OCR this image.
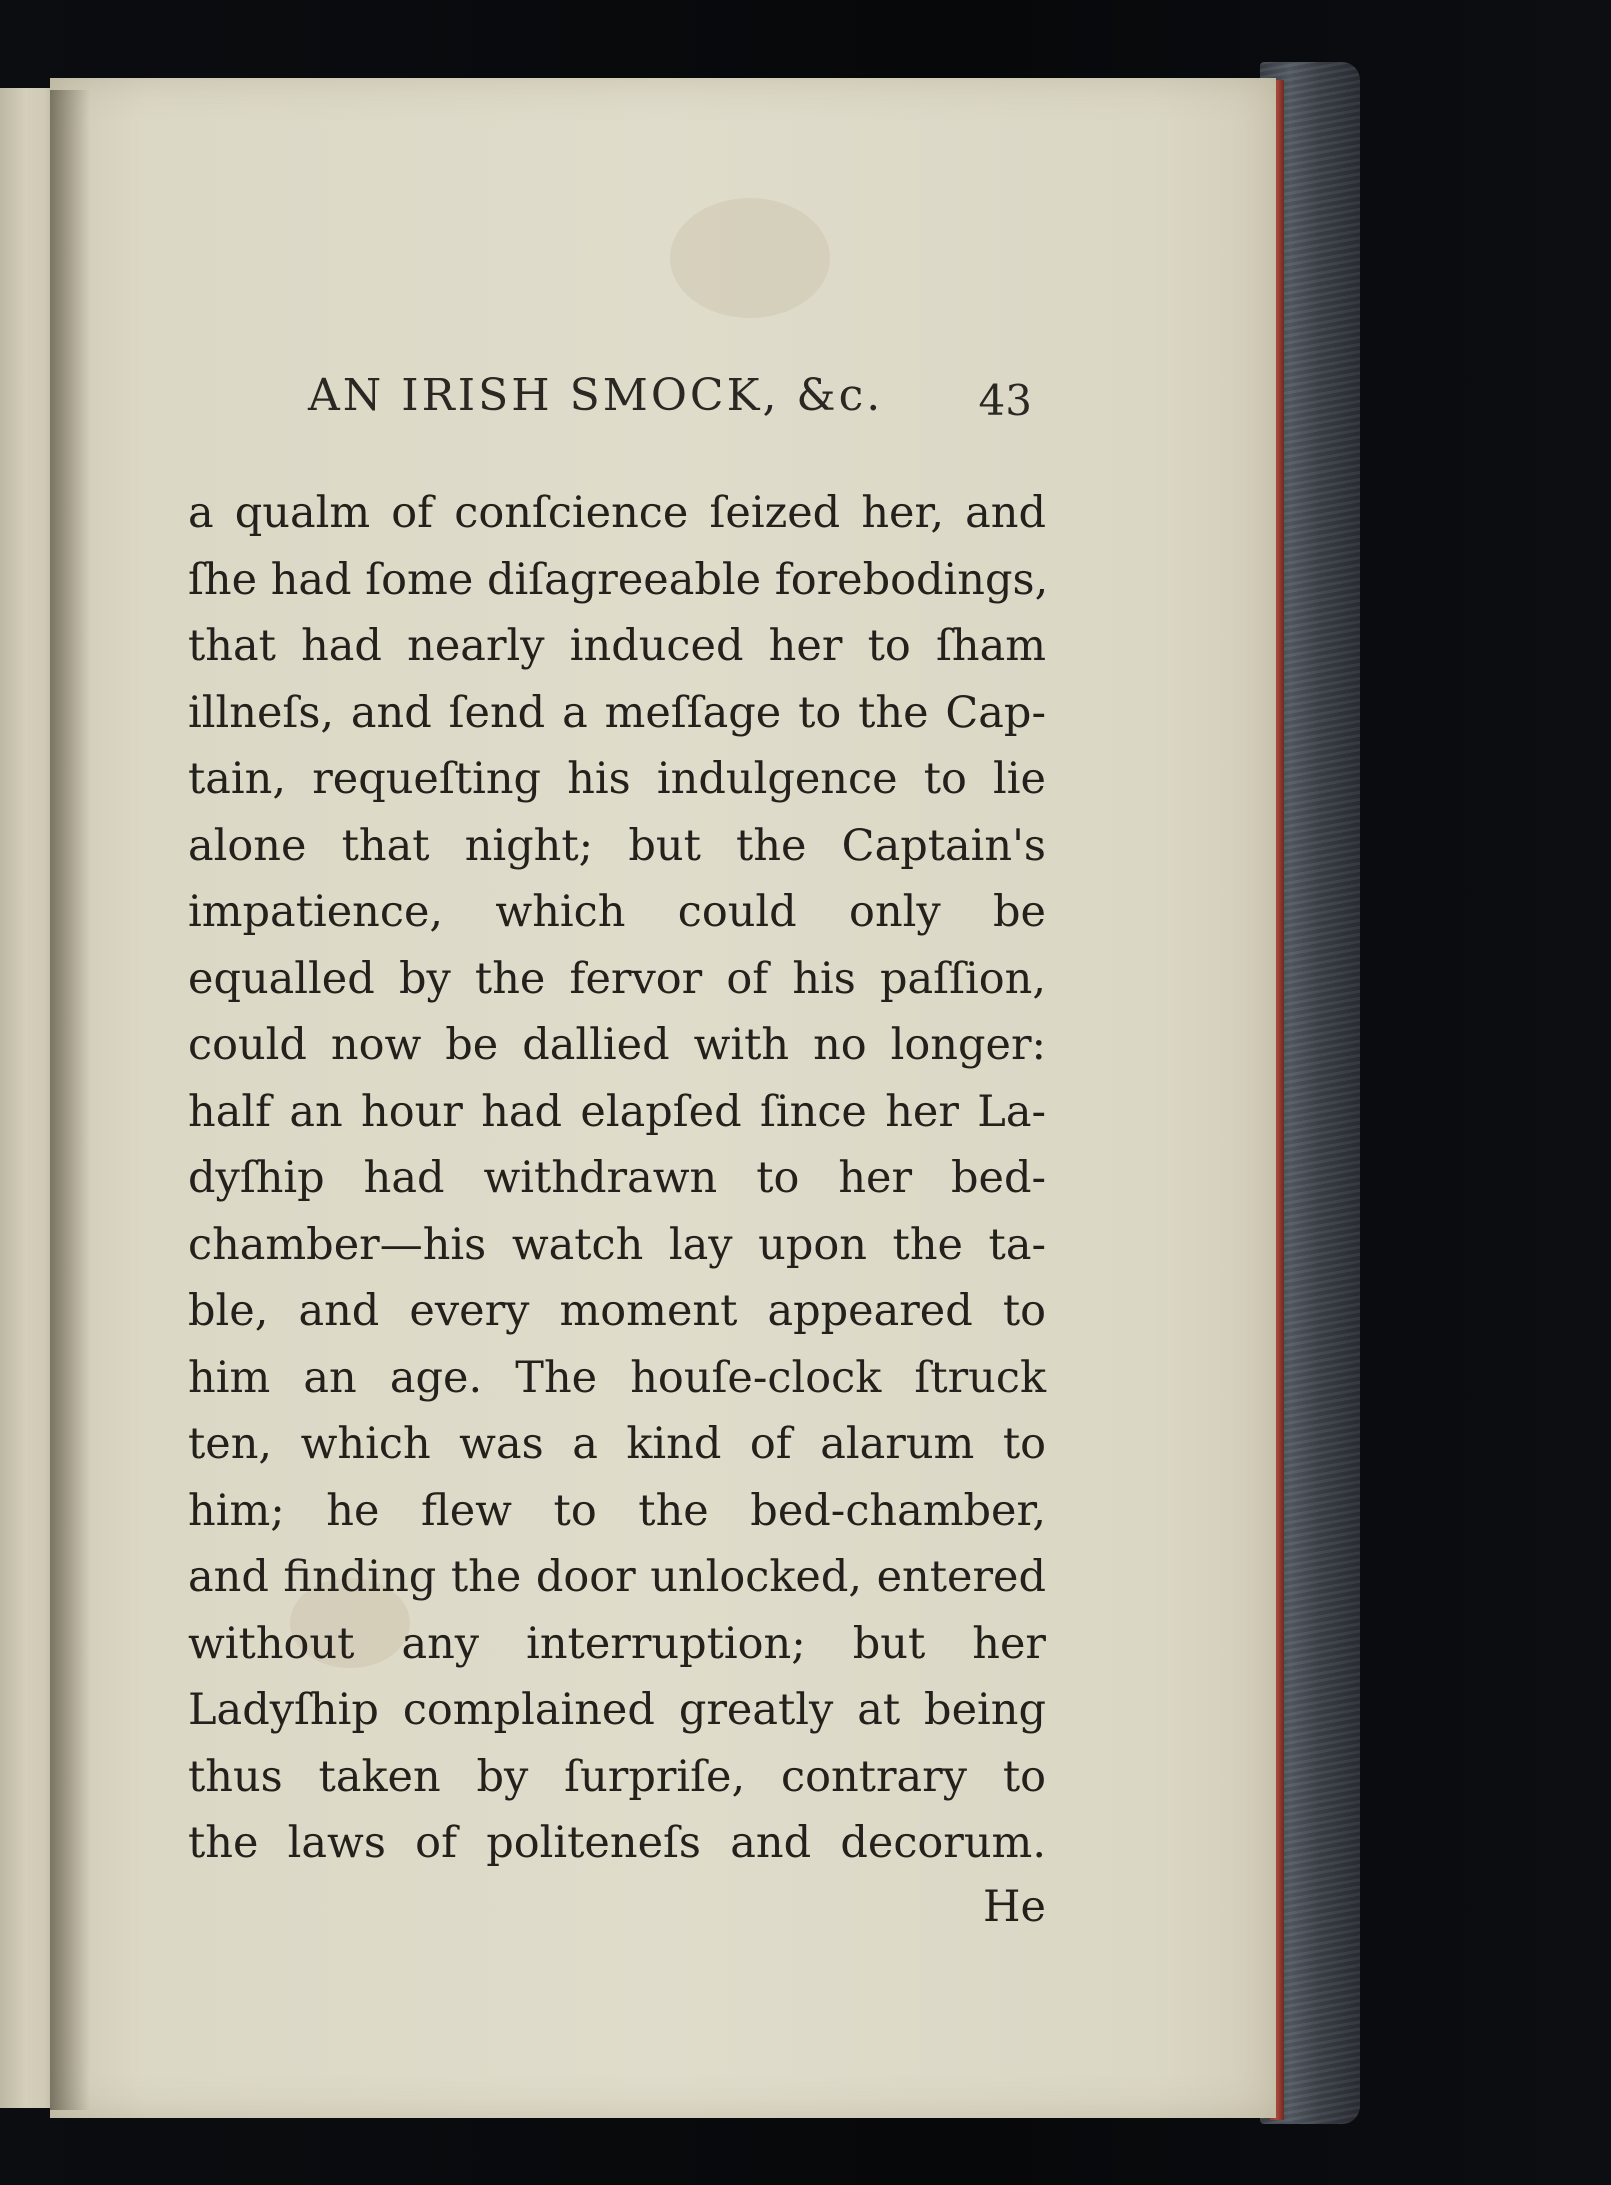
AN IRISH SMOCK, &c. 43
a qualm of conſcience ſeized her, and
ſhe had ſome diſagreeable forebodings,
that had nearly induced her to ſham
illneſs, and ſend a meſſage to the Cap-
tain, requeſting his indulgence to lie
alone that night; but the Captain's
impatience, which could only be
equalled by the fervor of his paſſion,
could now be dallied with no longer:
half an hour had elapſed ſince her La-
dyſhip had withdrawn to her bed-
chamber—his watch lay upon the ta-
ble, and every moment appeared to
him an age. The houſe-clock ſtruck
ten, which was a kind of alarum to
him; he flew to the bed-chamber,
and finding the door unlocked, entered
without any interruption; but her
Ladyſhip complained greatly at being
thus taken by ſurpriſe, contrary to
the laws of politeneſs and decorum.
He
